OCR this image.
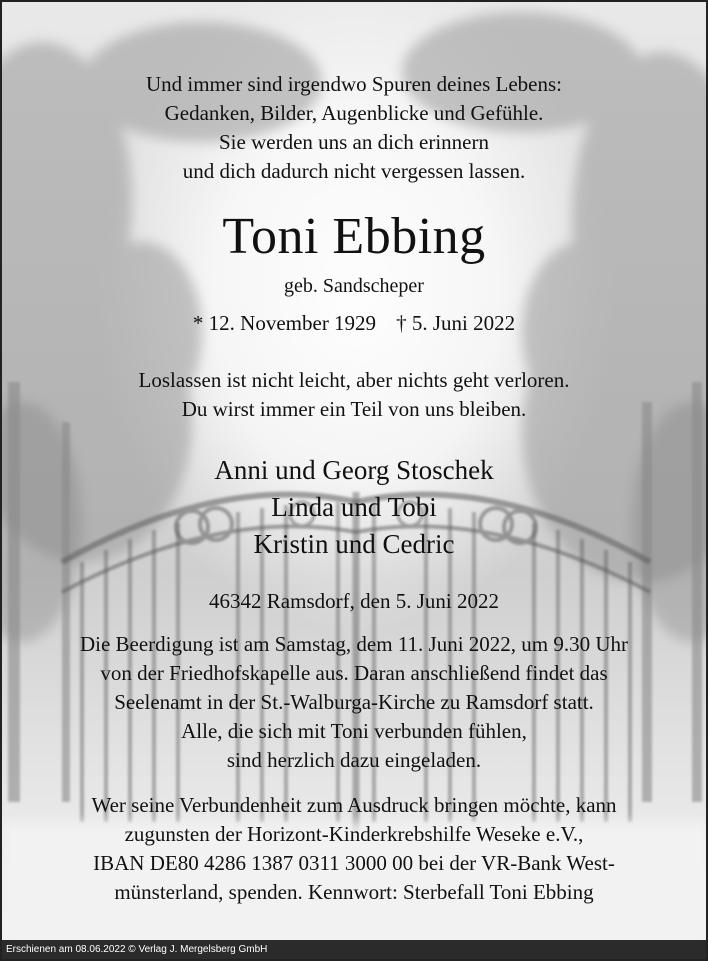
Und immer sind irgendwo Spuren deines Lebens:
Gedanken, Bilder, Augenblicke und Gefühle.
Sie werden uns an dich erinnern
und dich dadurch nicht vergessen lassen.
Toni Ebbing
geb. Sandscheper
* 12. November 1929 † 5. Juni 2022
Loslassen ist nicht leicht, aber nichts geht verloren.
Du wirst immer ein Teil von uns bleiben.
Anni und Georg Stoschek
Linda und Tobi
Kristin und Cedric
46342 Ramsdorf, den 5. Juni 2022
Die Beerdigung ist am Samstag, dem 11. Juni 2022, um 9.30 Uhr
von der Friedhofskapelle aus. Daran anschließend findet das
Seelenamt in der St.-Walburga-Kirche zu Ramsdorf statt.
Alle, die sich mit Toni verbunden fühlen,
sind herzlich dazu eingeladen.
Wer seine Verbundenheit zum Ausdruck bringen möchte, kann
zugunsten der Horizont-Kinderkrebshilfe Weseke e.V.,
IBAN DE80 4286 1387 0311 3000 00 bei der VR-Bank West-
münsterland, spenden. Kennwort: Sterbefall Toni Ebbing
Erschienen am 08.06.2022 © Verlag J. Mergelsberg GmbH
